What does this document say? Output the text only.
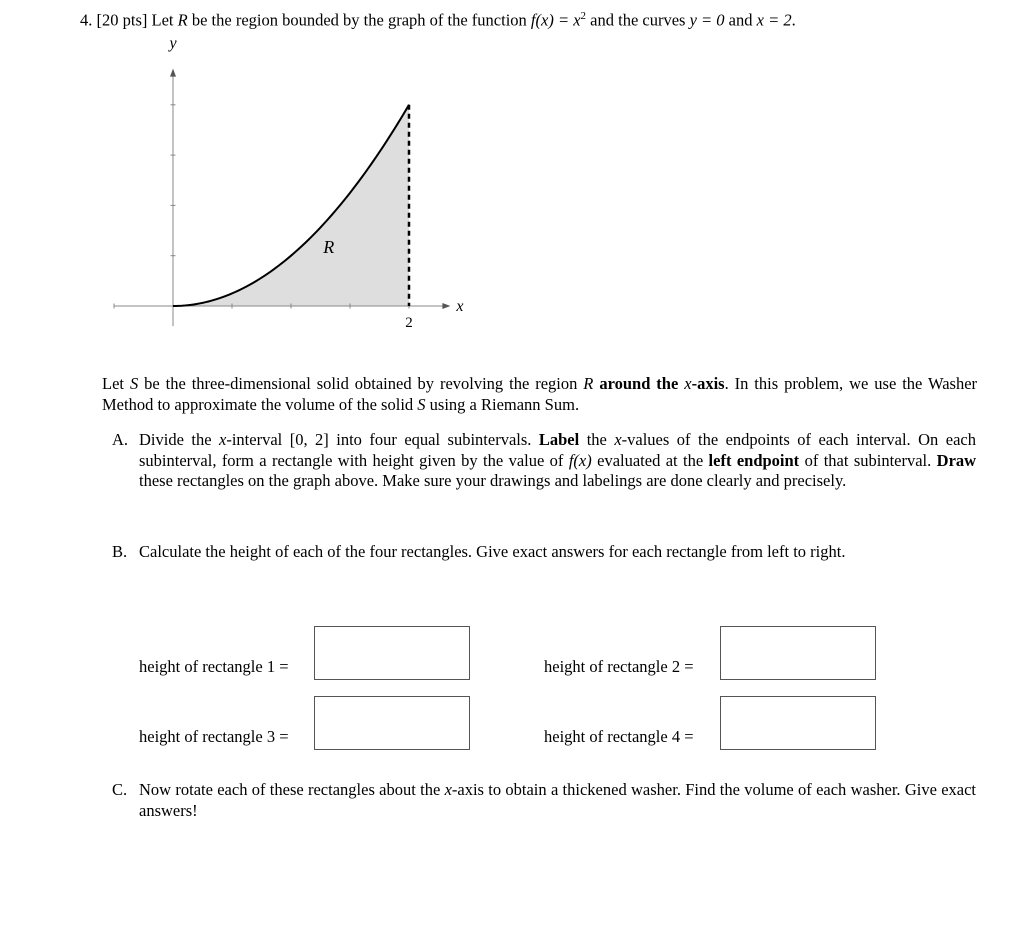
4. [20 pts] Let R be the region bounded by the graph of the function $f(x) = x^2$ and the curves y = 0 and x = 2.
y
x
R
2
Let S be the three-dimensional solid obtained by revolving the region R around the x-axis. In this problem, we use the Washer Method to approximate the volume of the solid S using a Riemann Sum.
A. Divide the x-interval [0, 2] into four equal subintervals. Label the x-values of the endpoints of each interval. On each subinterval, form a rectangle with height given by the value of f(x) evaluated at the left endpoint of that subinterval. Draw these rectangles on the graph above. Make sure your drawings and labelings are done clearly and precisely.
B. Calculate the height of each of the four rectangles. Give exact answers for each rectangle from left to right.
height of rectangle 1 =	height of rectangle 2 =
height of rectangle 3 =	height of rectangle 4 =
C. Now rotate each of these rectangles about the x-axis to obtain a thickened washer. Find the volume of each washer. Give exact answers!
